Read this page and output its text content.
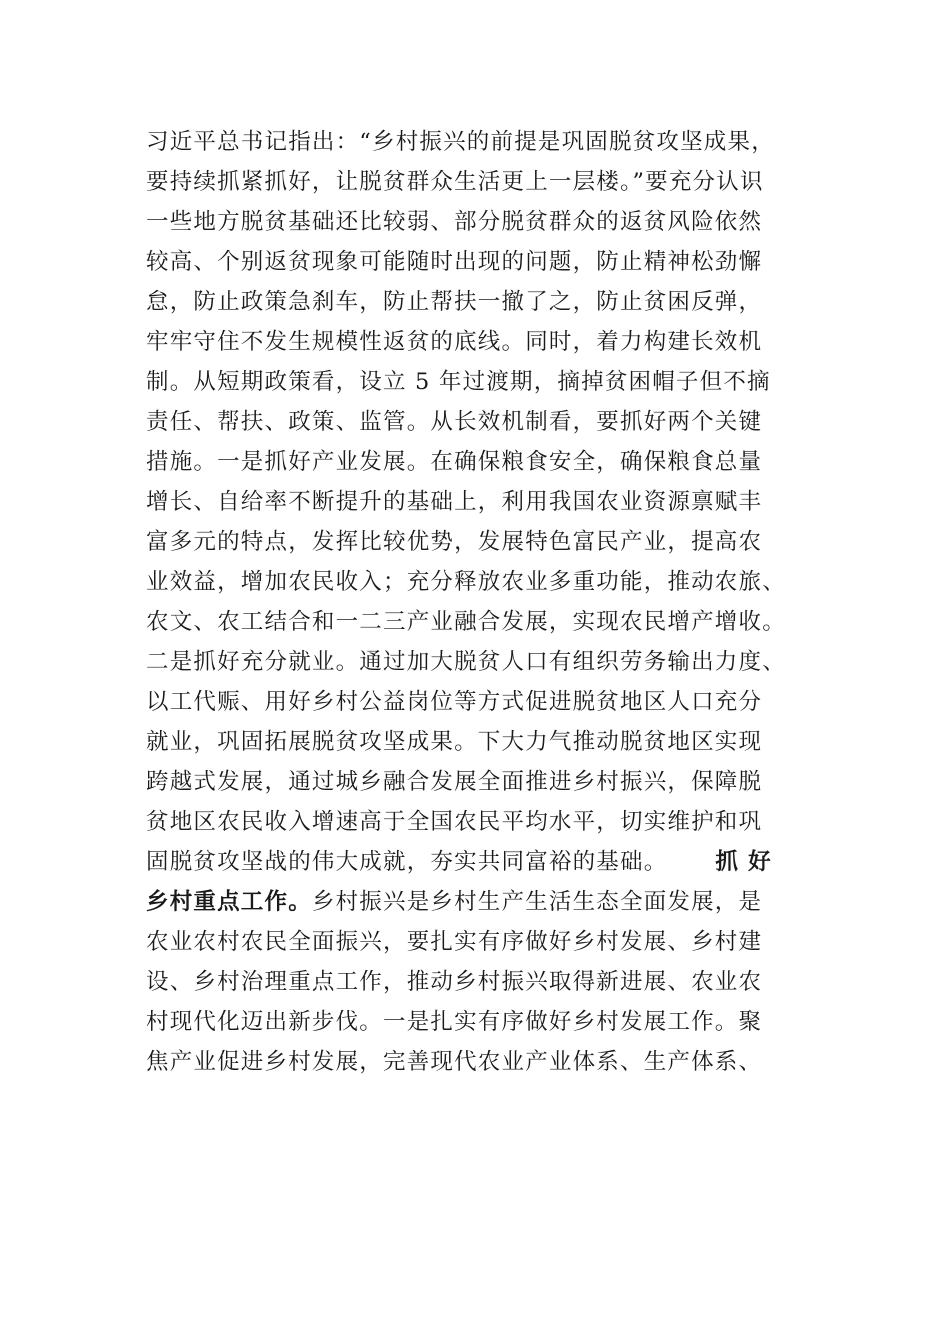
习近平总书记指出：“乡村振兴的前提是巩固脱贫攻坚成果，
要持续抓紧抓好，让脱贫群众生活更上一层楼。”要充分认识
一些地方脱贫基础还比较弱、部分脱贫群众的返贫风险依然
较高、个别返贫现象可能随时出现的问题，防止精神松劲懈
怠，防止政策急刹车，防止帮扶一撤了之，防止贫困反弹，
牢牢守住不发生规模性返贫的底线。同时，着力构建长效机
制。从短期政策看，设立 5 年过渡期，摘掉贫困帽子但不摘
责任、帮扶、政策、监管。从长效机制看，要抓好两个关键
措施。一是抓好产业发展。在确保粮食安全，确保粮食总量
增长、自给率不断提升的基础上，利用我国农业资源禀赋丰
富多元的特点，发挥比较优势，发展特色富民产业，提高农
业效益，增加农民收入；充分释放农业多重功能，推动农旅、
农文、农工结合和一二三产业融合发展，实现农民增产增收。
二是抓好充分就业。通过加大脱贫人口有组织劳务输出力度、
以工代赈、用好乡村公益岗位等方式促进脱贫地区人口充分
就业，巩固拓展脱贫攻坚成果。下大力气推动脱贫地区实现
跨越式发展，通过城乡融合发展全面推进乡村振兴，保障脱
贫地区农民收入增速高于全国农民平均水平，切实维护和巩
固脱贫攻坚战的伟大成就，夯实共同富裕的基础。 抓 好
乡村重点工作。乡村振兴是乡村生产生活生态全面发展，是
农业农村农民全面振兴，要扎实有序做好乡村发展、乡村建
设、乡村治理重点工作，推动乡村振兴取得新进展、农业农
村现代化迈出新步伐。一是扎实有序做好乡村发展工作。聚
焦产业促进乡村发展，完善现代农业产业体系、生产体系、
